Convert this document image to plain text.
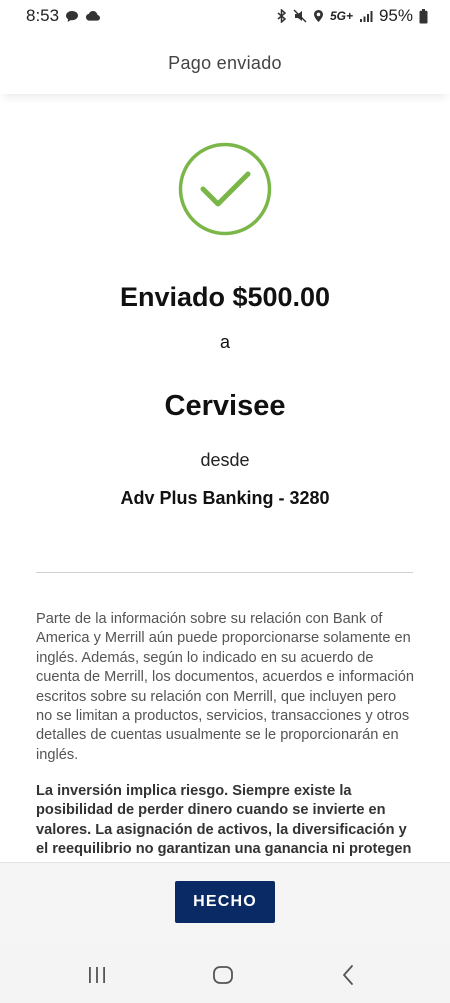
8:53	5G+ 95%
Pago enviado
Enviado $500.00
a
Cervisee
desde
Adv Plus Banking - 3280

Parte de la información sobre su relación con Bank of America y Merrill aún puede proporcionarse solamente en inglés. Además, según lo indicado en su acuerdo de cuenta de Merrill, los documentos, acuerdos e información escritos sobre su relación con Merrill, que incluyen pero no se limitan a productos, servicios, transacciones y otros detalles de cuentas usualmente se le proporcionarán en inglés.

La inversión implica riesgo. Siempre existe la posibilidad de perder dinero cuando se invierte en valores. La asignación de activos, la diversificación y el reequilibrio no garantizan una ganancia ni protegen

HECHO
